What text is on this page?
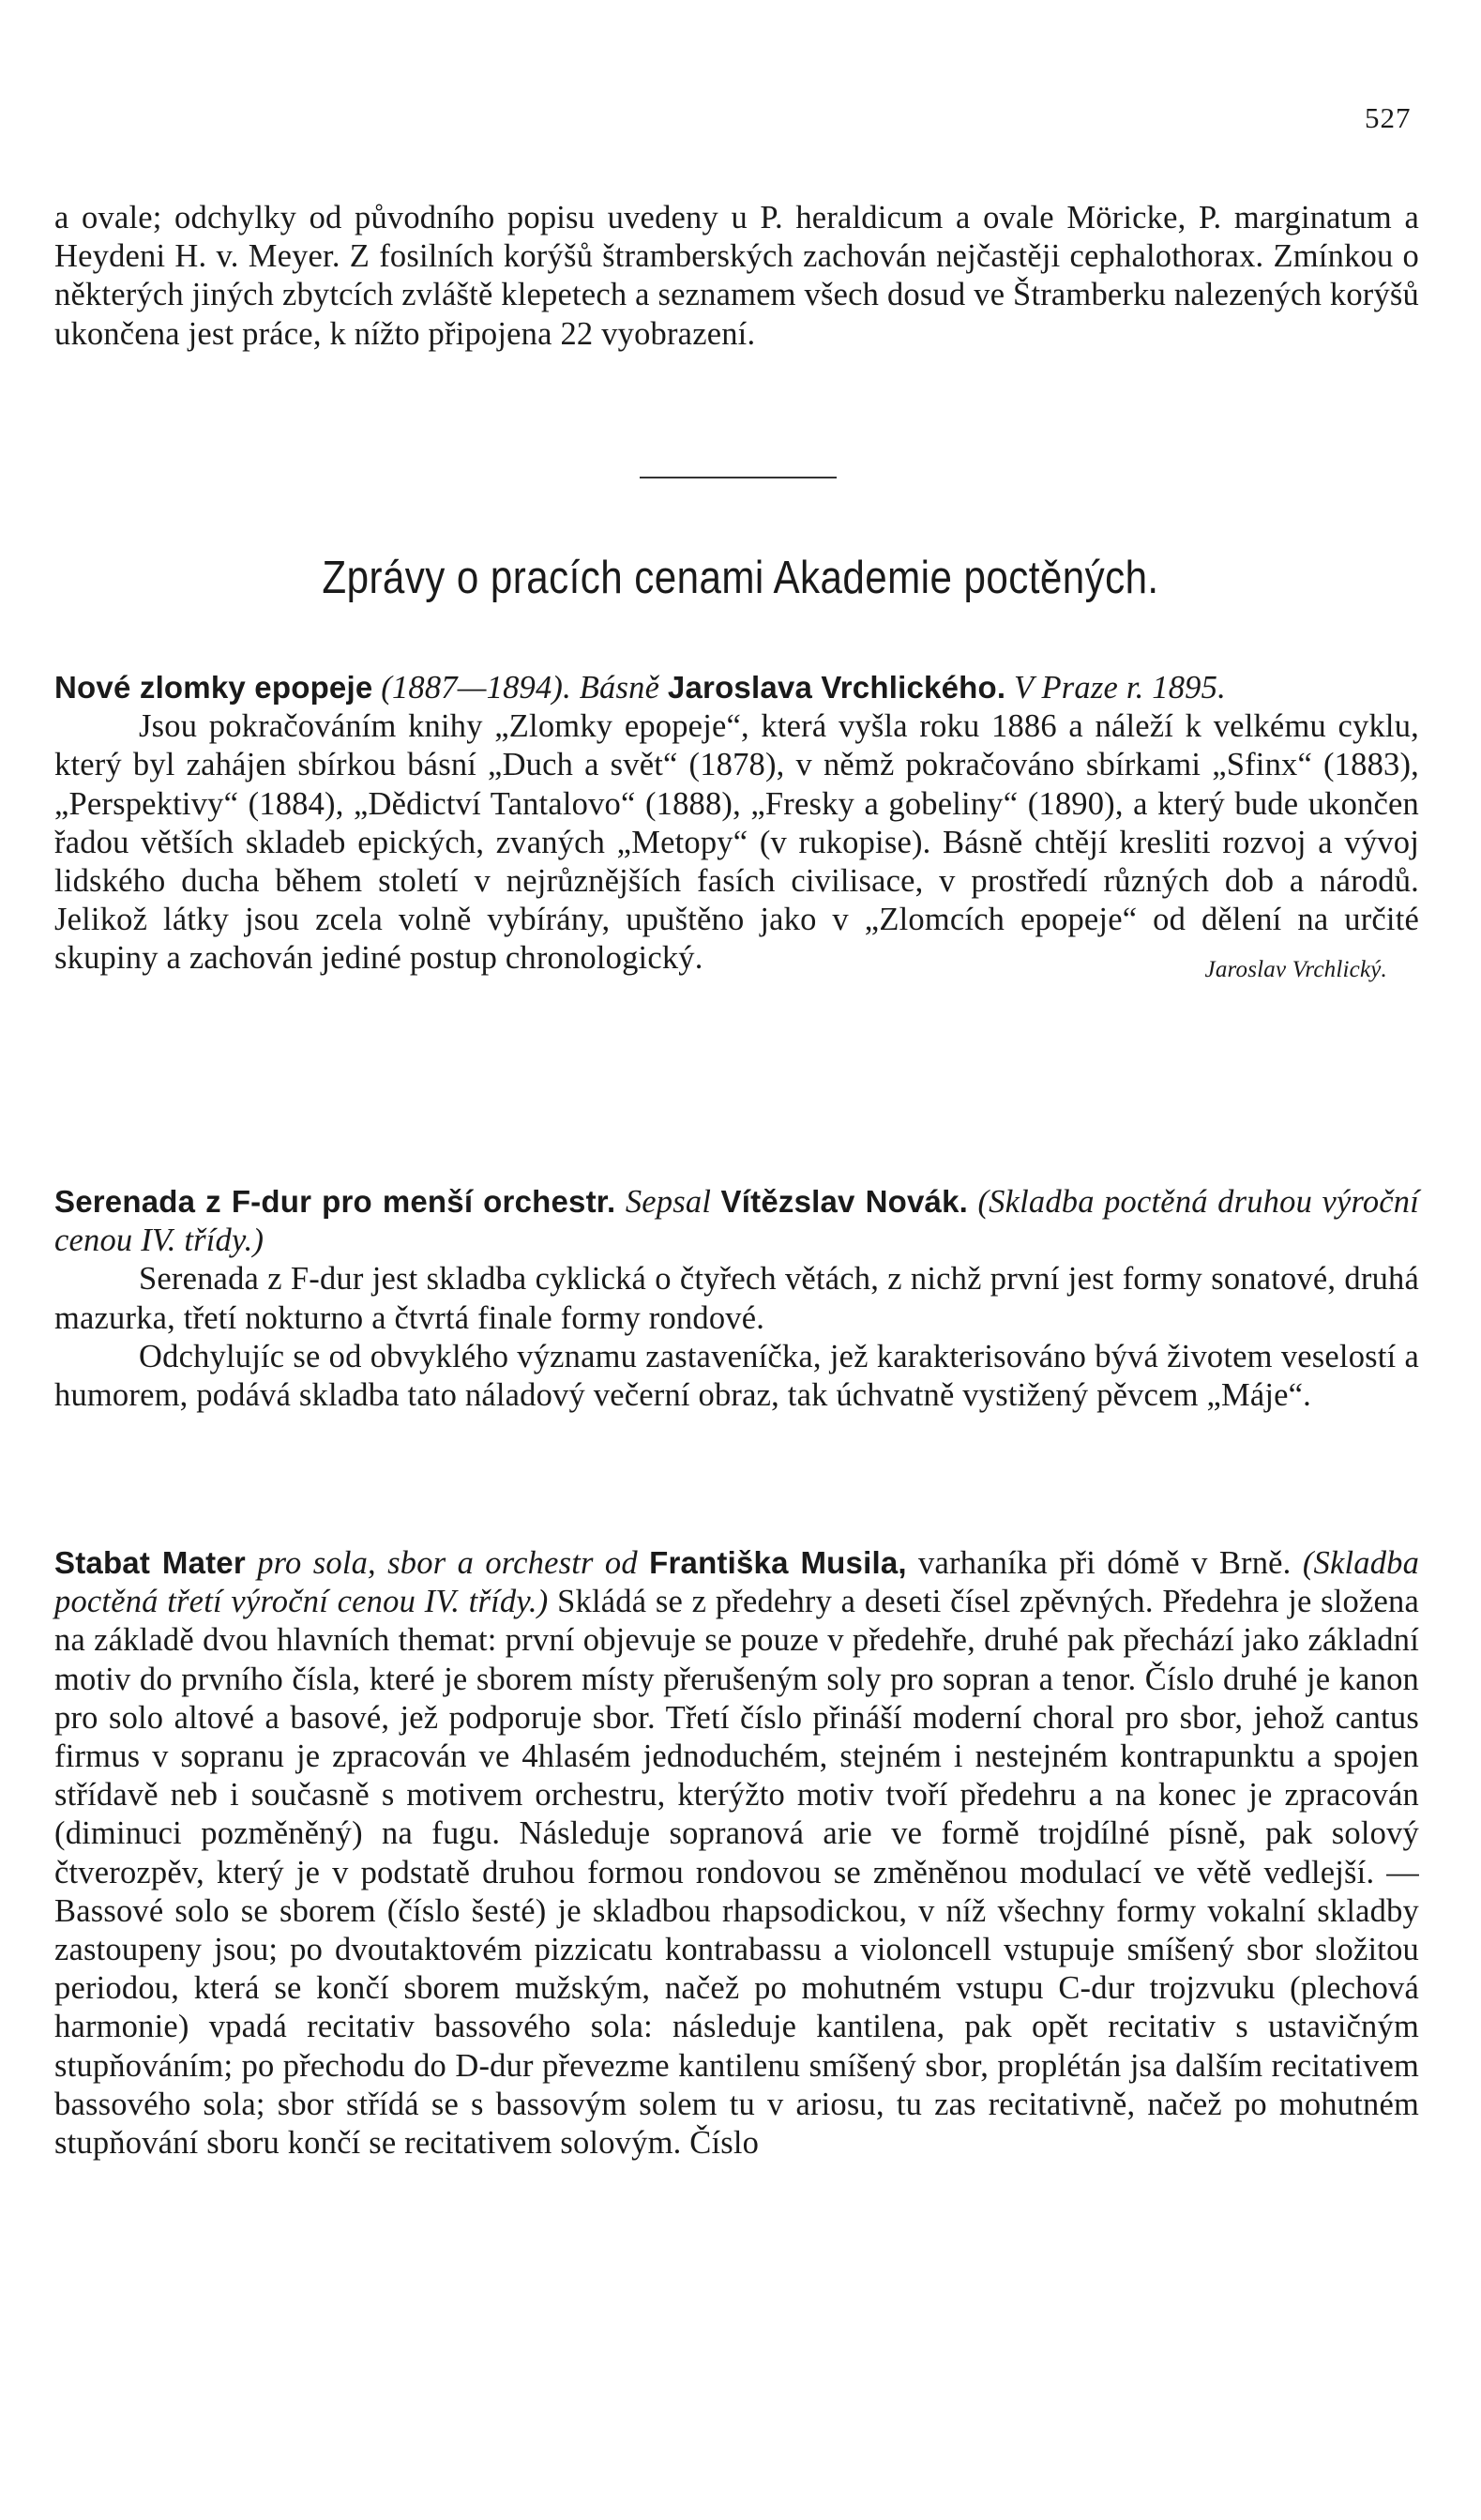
527

a ovale; odchylky od původního popisu uvedeny u P. heraldicum a ovale Möricke, P. marginatum a Heydeni H. v. Meyer. Z fosilních korýšů štramberských zachován nejčastěji cephalothorax. Zmínkou o některých jiných zbytcích zvláště klepetech a seznamem všech dosud ve Štramberku nalezených korýšů ukončena jest práce, k nížto připojena 22 vyobrazení.

Zprávy o pracích cenami Akademie poctěných.

Nové zlomky epopeje (1887—1894). Básně Jaroslava Vrchlického. V Praze r. 1895.

Jsou pokračováním knihy „Zlomky epopeje“, která vyšla roku 1886 a náleží k velkému cyklu, který byl zahájen sbírkou básní „Duch a svět“ (1878), v němž pokračováno sbírkami „Sfinx“ (1883), „Perspektivy“ (1884), „Dědictví Tantalovo“ (1888), „Fresky a gobeliny“ (1890), a který bude ukončen řadou větších skladeb epických, zvaných „Metopy“ (v rukopise). Básně chtějí kresliti rozvoj a vývoj lidského ducha během století v nejrůznějších fasích civilisace, v prostředí různých dob a národů. Jelikož látky jsou zcela volně vybírány, upuštěno jako v „Zlomcích epopeje“ od dělení na určité skupiny a zachován jediné postup chronologický.	Jaroslav Vrchlický.

Serenada z F-dur pro menší orchestr. Sepsal Vítězslav Novák. (Skladba poctěná druhou výroční cenou IV. třídy.)

Serenada z F-dur jest skladba cyklická o čtyřech větách, z nichž první jest formy sonatové, druhá mazurka, třetí nokturno a čtvrtá finale formy rondové.

Odchylujíc se od obvyklého významu zastaveníčka, jež karakterisováno bývá životem veselostí a humorem, podává skladba tato náladový večerní obraz, tak úchvatně vystižený pěvcem „Máje“.

Stabat Mater pro sola, sbor a orchestr od Františka Musila, varhaníka při dómě v Brně. (Skladba poctěná třetí výroční cenou IV. třídy.) Skládá se z předehry a deseti čísel zpěvných. Předehra je složena na základě dvou hlavních themat: první objevuje se pouze v předehře, druhé pak přechází jako základní motiv do prvního čísla, které je sborem místy přerušeným soly pro sopran a tenor. Číslo druhé je kanon pro solo altové a basové, jež podporuje sbor. Třetí číslo přináší moderní choral pro sbor, jehož cantus firmus v sopranu je zpracován ve 4hlasém jednoduchém, stejném i nestejném kontrapunktu a spojen střídavě neb i současně s motivem orchestru, kterýžto motiv tvoří předehru a na konec je zpracován (diminuci pozměněný) na fugu. Následuje sopranová arie ve formě trojdílné písně, pak solový čtverozpěv, který je v podstatě druhou formou rondovou se změněnou modulací ve větě vedlejší. — Bassové solo se sborem (číslo šesté) je skladbou rhapsodickou, v níž všechny formy vokalní skladby zastoupeny jsou; po dvoutaktovém pizzicatu kontrabassu a violoncell vstupuje smíšený sbor složitou periodou, která se končí sborem mužským, načež po mohutném vstupu C-dur trojzvuku (plechová harmonie) vpadá recitativ bassového sola: následuje kantilena, pak opět recitativ s ustavičným stupňováním; po přechodu do D-dur převezme kantilenu smíšený sbor, proplétán jsa dalším recitativem bassového sola; sbor střídá se s bassovým solem tu v ariosu, tu zas recitativně, načež po mohutném stupňování sboru končí se recitativem solovým. Číslo
